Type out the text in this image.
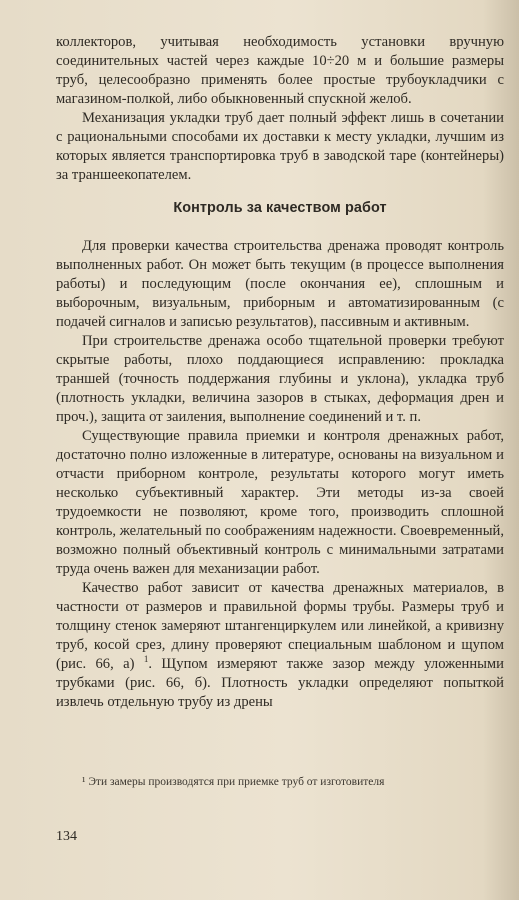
коллекторов, учитывая необходимость установки вручную соединительных частей через каждые 10÷20 м и большие размеры труб, целесообразно применять более простые трубоукладчики с магазином-полкой, либо обыкновенный спускной желоб.

Механизация укладки труб дает полный эффект лишь в сочетании с рациональными способами их доставки к месту укладки, лучшим из которых является транспортировка труб в заводской таре (контейнеры) за траншеекопателем.

Контроль за качеством работ

Для проверки качества строительства дренажа проводят контроль выполненных работ. Он может быть текущим (в процессе выполнения работы) и последующим (после окончания ее), сплошным и выборочным, визуальным, приборным и автоматизированным (с подачей сигналов и записью результатов), пассивным и активным.

При строительстве дренажа особо тщательной проверки требуют скрытые работы, плохо поддающиеся исправлению: прокладка траншей (точность поддержания глубины и уклона), укладка труб (плотность укладки, величина зазоров в стыках, деформация дрен и проч.), защита от заиления, выполнение соединений и т. п.

Существующие правила приемки и контроля дренажных работ, достаточно полно изложенные в литературе, основаны на визуальном и отчасти приборном контроле, результаты которого могут иметь несколько субъективный характер. Эти методы из-за своей трудоемкости не позволяют, кроме того, производить сплошной контроль, желательный по соображениям надежности. Своевременный, возможно полный объективный контроль с минимальными затратами труда очень важен для механизации работ.

Качество работ зависит от качества дренажных материалов, в частности от размеров и правильной формы трубы. Размеры труб и толщину стенок замеряют штангенциркулем или линейкой, а кривизну труб, косой срез, длину проверяют специальным шаблоном и щупом (рис. 66, а) $^1$. Щупом измеряют также зазор между уложенными трубками (рис. 66, б). Плотность укладки определяют попыткой извлечь отдельную трубу из дрены

¹ Эти замеры производятся при приемке труб от изготовителя
134
